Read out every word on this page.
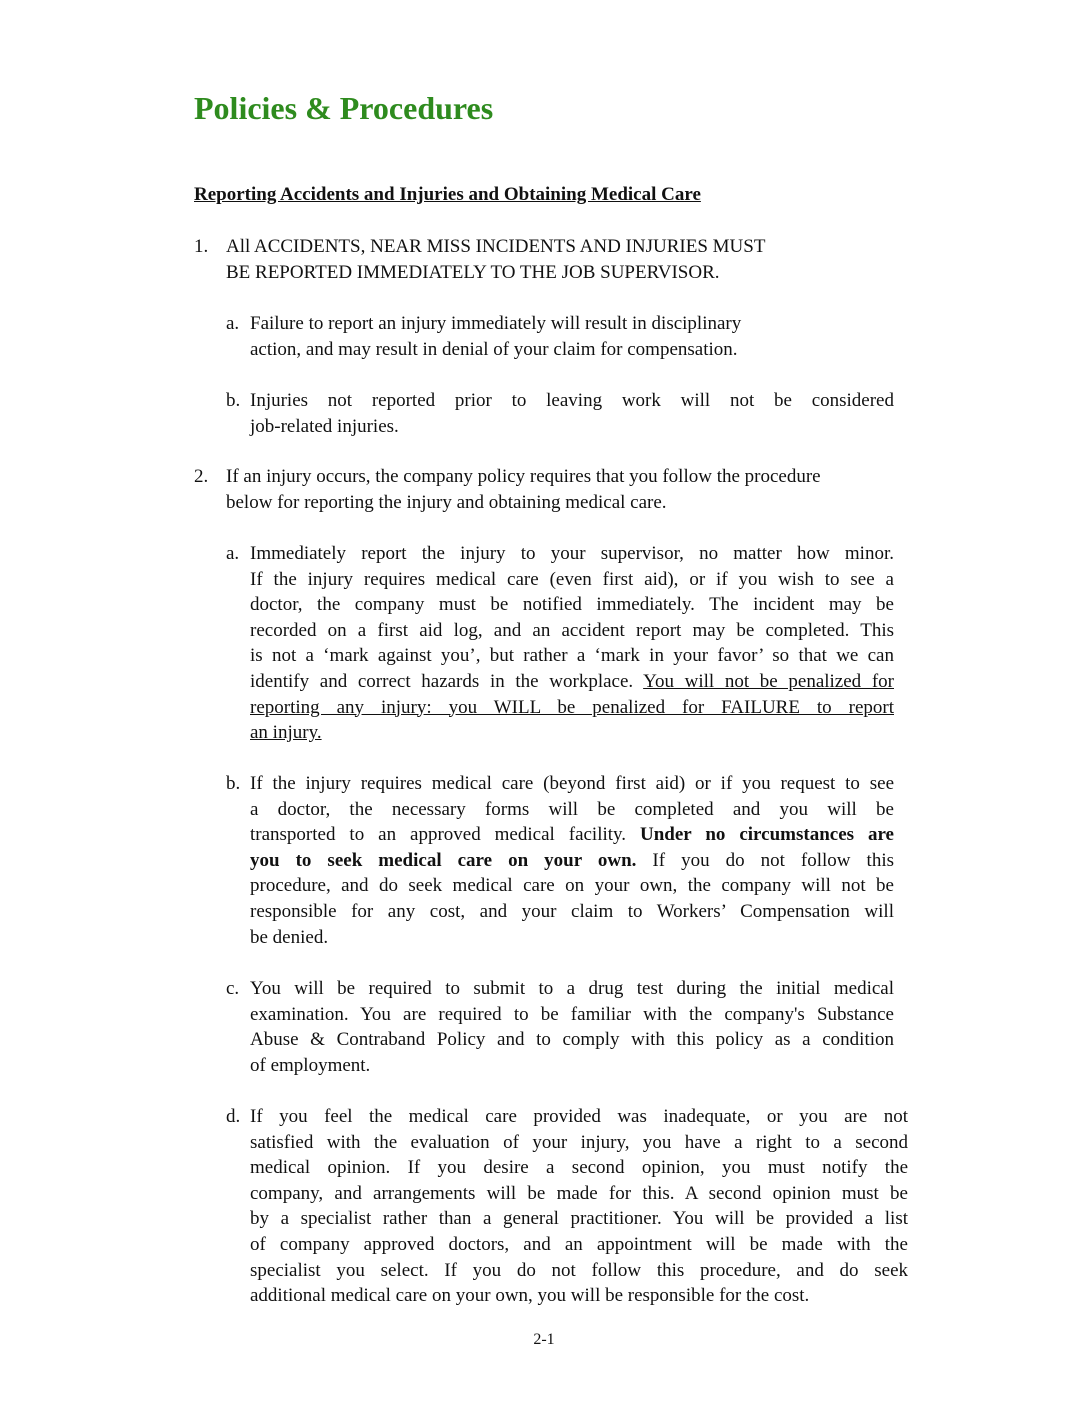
Policies & Procedures
Reporting Accidents and Injuries and Obtaining Medical Care
1. All ACCIDENTS, NEAR MISS INCIDENTS AND INJURIES MUST
BE REPORTED IMMEDIATELY TO THE JOB SUPERVISOR.
a. Failure to report an injury immediately will result in disciplinary
action, and may result in denial of your claim for compensation.
b. Injuries not reported prior to leaving work will not be considered
job-related injuries.
2. If an injury occurs, the company policy requires that you follow the procedure
below for reporting the injury and obtaining medical care.
a. Immediately report the injury to your supervisor, no matter how minor.
If the injury requires medical care (even first aid), or if you wish to see a
doctor, the company must be notified immediately. The incident may be
recorded on a first aid log, and an accident report may be completed. This
is not a ‘mark against you’, but rather a ‘mark in your favor’ so that we can
identify and correct hazards in the workplace. You will not be penalized for
reporting any injury: you WILL be penalized for FAILURE to report
an injury.
b. If the injury requires medical care (beyond first aid) or if you request to see
a doctor, the necessary forms will be completed and you will be
transported to an approved medical facility. Under no circumstances are
you to seek medical care on your own. If you do not follow this
procedure, and do seek medical care on your own, the company will not be
responsible for any cost, and your claim to Workers’ Compensation will
be denied.
c. You will be required to submit to a drug test during the initial medical
examination. You are required to be familiar with the company's Substance
Abuse & Contraband Policy and to comply with this policy as a condition
of employment.
d. If you feel the medical care provided was inadequate, or you are not
satisfied with the evaluation of your injury, you have a right to a second
medical opinion. If you desire a second opinion, you must notify the
company, and arrangements will be made for this. A second opinion must be
by a specialist rather than a general practitioner. You will be provided a list
of company approved doctors, and an appointment will be made with the
specialist you select. If you do not follow this procedure, and do seek
additional medical care on your own, you will be responsible for the cost.

2-1
